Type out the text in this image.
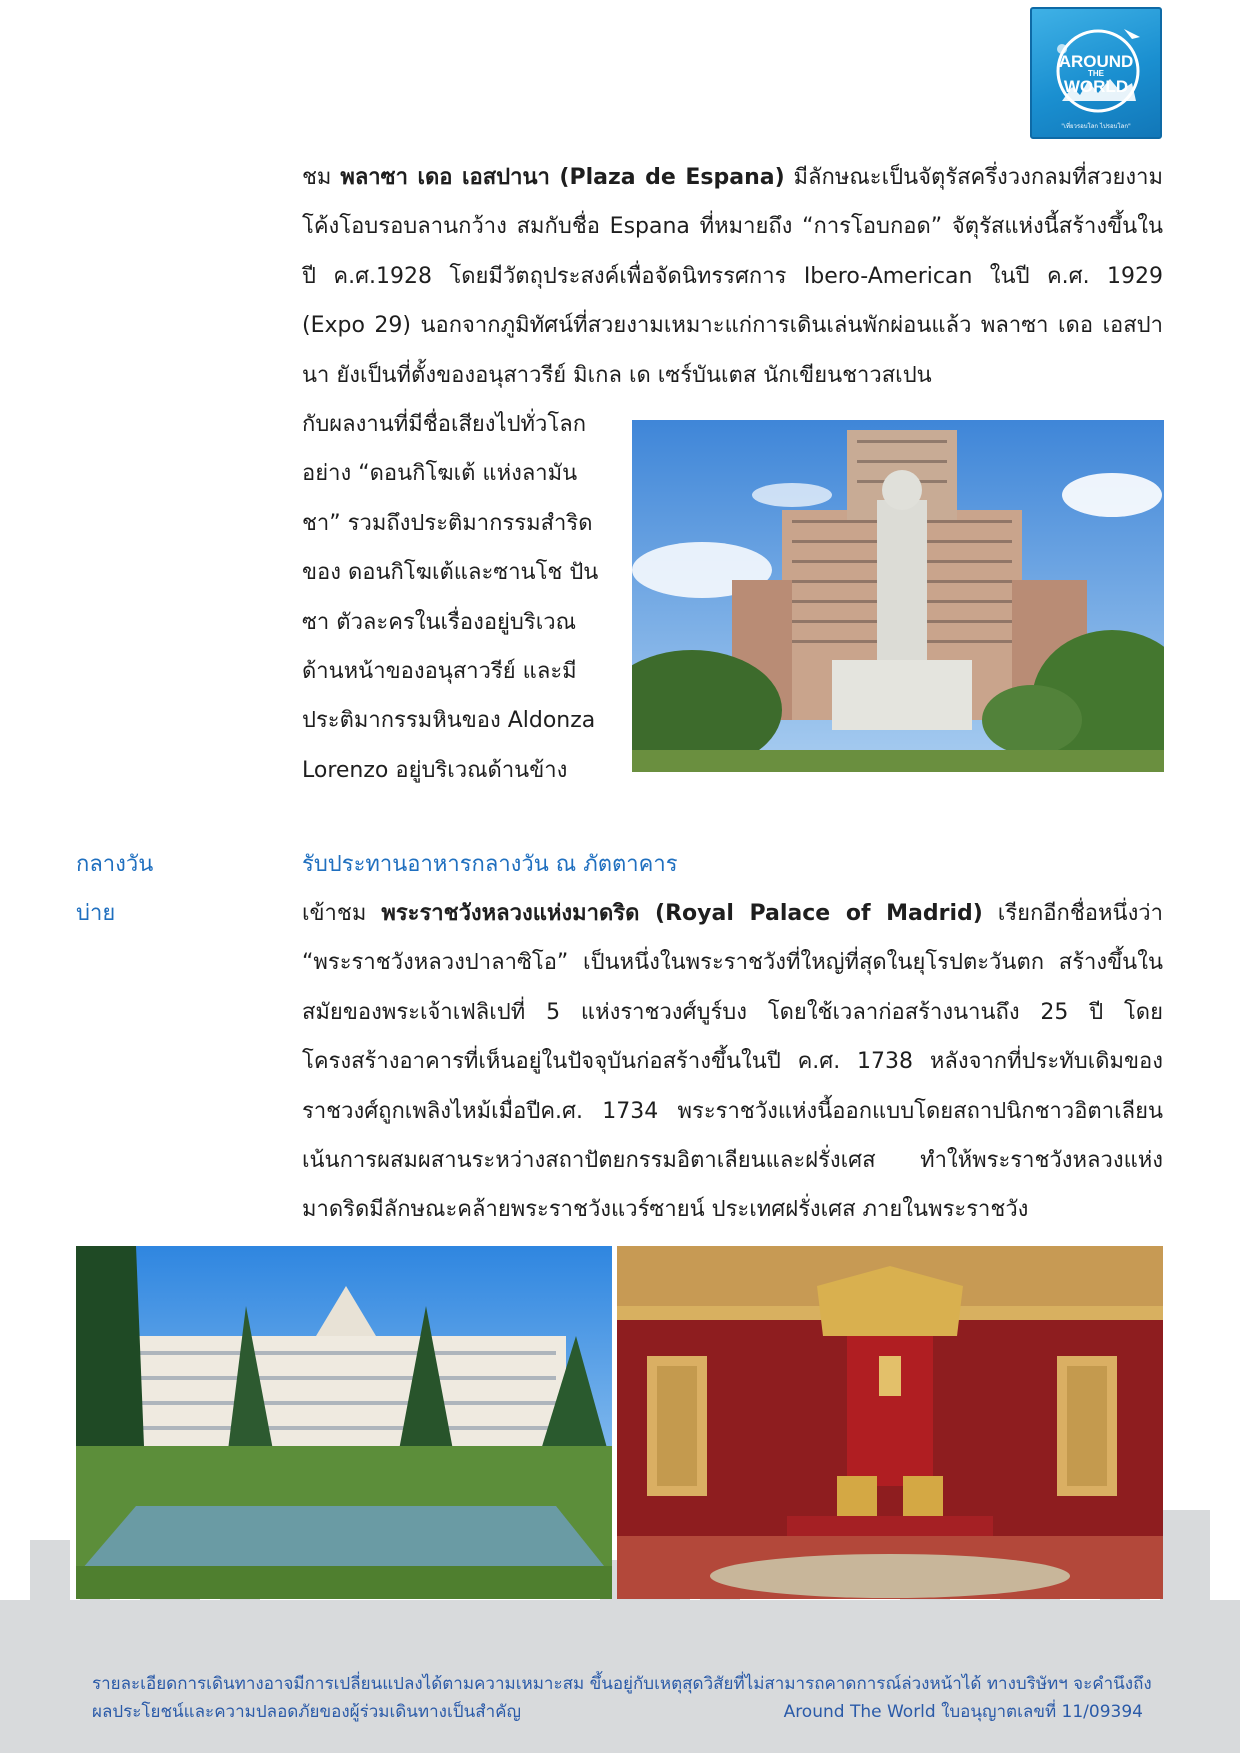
AROUND
THE
WORLD
"เที่ยวรอบโลก ไปรอบโลก"
ชม พลาซา เดอ เอสปานา (Plaza de Espana) มีลักษณะเป็นจัตุรัสครึ่งวงกลมที่สวยงาม โค้งโอบรอบลานกว้าง สมกับชื่อ Espana ที่หมายถึง “การโอบกอด” จัตุรัสแห่งนี้สร้างขึ้นในปี ค.ศ.1928 โดยมีวัตถุประสงค์เพื่อจัดนิทรรศการ Ibero-American ในปี ค.ศ. 1929 (Expo 29) นอกจากภูมิทัศน์ที่สวยงามเหมาะแก่การเดินเล่นพักผ่อนแล้ว พลาซา เดอ เอสปานา ยังเป็นที่ตั้งของอนุสาวรีย์ มิเกล เด เซร์บันเตส นักเขียนชาวสเปน
กับผลงานที่มีชื่อเสียงไปทั่วโลก อย่าง “ดอนกิโฆเต้ แห่งลามันชา” รวมถึงประติมากรรมสำริด ของ ดอนกิโฆเต้และซานโช ปันซา ตัวละครในเรื่องอยู่บริเวณด้านหน้าของอนุสาวรีย์ และมีประติมากรรมหินของ Aldonza Lorenzo อยู่บริเวณด้านข้าง
กลางวัน	รับประทานอาหารกลางวัน ณ ภัตตาคาร
บ่าย	เข้าชม พระราชวังหลวงแห่งมาดริด (Royal Palace of Madrid) เรียกอีกชื่อหนึ่งว่า “พระราชวังหลวงปาลาซิโอ” เป็นหนึ่งในพระราชวังที่ใหญ่ที่สุดในยุโรปตะวันตก สร้างขึ้นในสมัยของพระเจ้าเฟลิเปที่ 5 แห่งราชวงศ์บูร์บง โดยใช้เวลาก่อสร้างนานถึง 25 ปี โดยโครงสร้างอาคารที่เห็นอยู่ในปัจจุบันก่อสร้างขึ้นในปี ค.ศ. 1738 หลังจากที่ประทับเดิมของราชวงศ์ถูกเพลิงไหม้เมื่อปีค.ศ. 1734 พระราชวังแห่งนี้ออกแบบโดยสถาปนิกชาวอิตาเลียน เน้นการผสมผสานระหว่างสถาปัตยกรรมอิตาเลียนและฝรั่งเศส ทำให้พระราชวังหลวงแห่งมาดริดมีลักษณะคล้ายพระราชวังแวร์ซายน์ ประเทศฝรั่งเศส ภายในพระราชวัง
รายละเอียดการเดินทางอาจมีการเปลี่ยนแปลงได้ตามความเหมาะสม ขึ้นอยู่กับเหตุสุดวิสัยที่ไม่สามารถคาดการณ์ล่วงหน้าได้ ทางบริษัทฯ จะคำนึงถึง
ผลประโยชน์และความปลอดภัยของผู้ร่วมเดินทางเป็นสำคัญ	Around The World ใบอนุญาตเลขที่ 11/09394
